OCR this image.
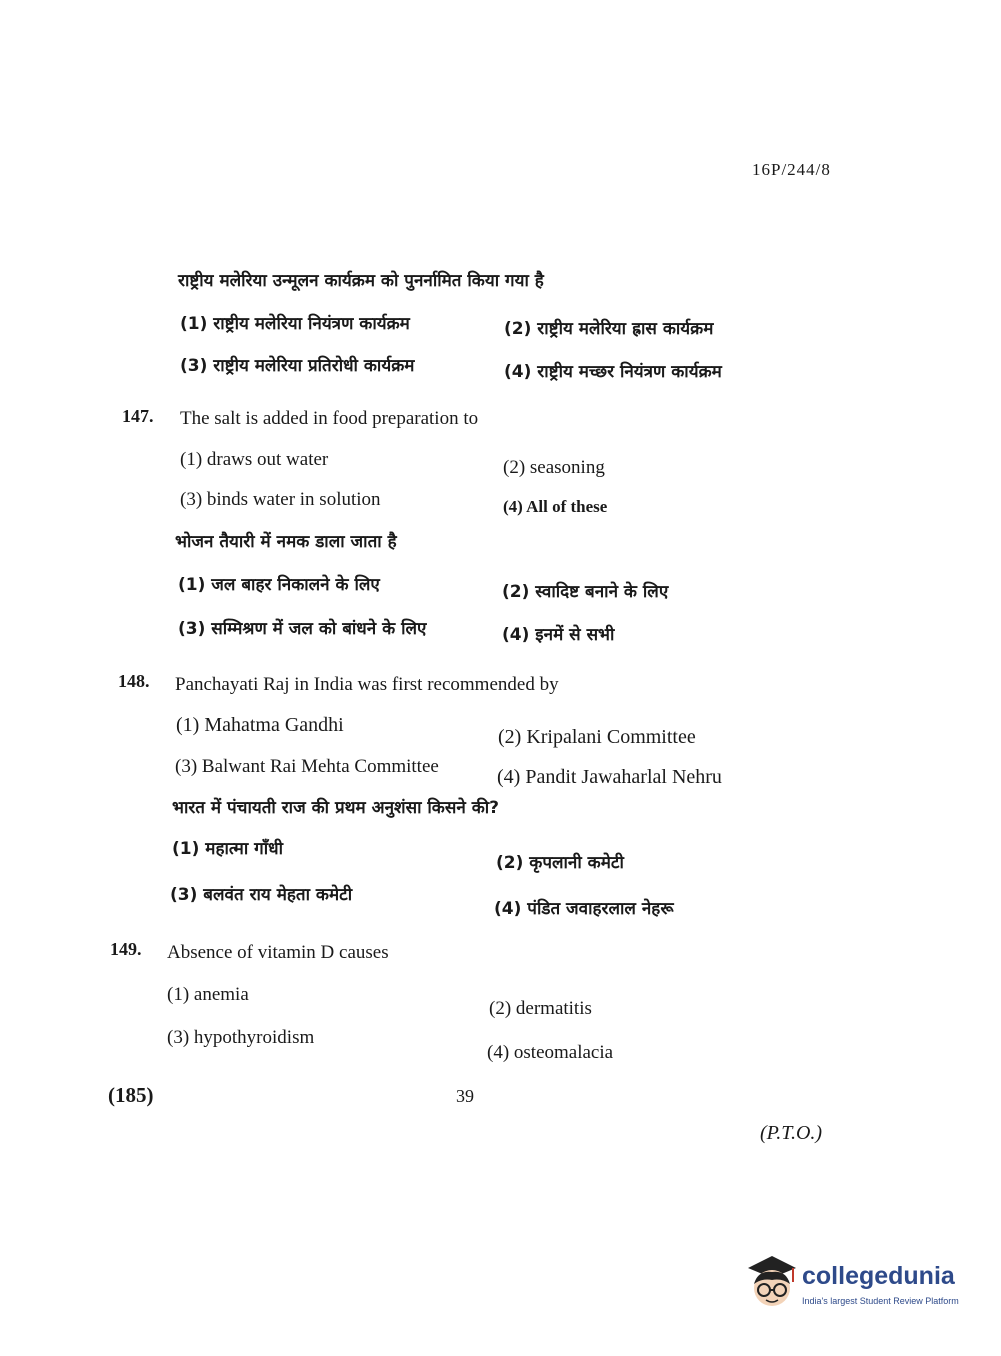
16P/244/8
राष्ट्रीय मलेरिया उन्मूलन कार्यक्रम को पुनर्नामित किया गया है
(1) राष्ट्रीय मलेरिया नियंत्रण कार्यक्रम	(2) राष्ट्रीय मलेरिया ह्रास कार्यक्रम
(3) राष्ट्रीय मलेरिया प्रतिरोधी कार्यक्रम	(4) राष्ट्रीय मच्छर नियंत्रण कार्यक्रम
147. The salt is added in food preparation to
(1) draws out water	(2) seasoning
(3) binds water in solution	(4) All of these
भोजन तैयारी में नमक डाला जाता है
(1) जल बाहर निकालने के लिए	(2) स्वादिष्ट बनाने के लिए
(3) सम्मिश्रण में जल को बांधने के लिए	(4) इनमें से सभी
148. Panchayati Raj in India was first recommended by
(1) Mahatma Gandhi
(2) Kripalani Committee
(3) Balwant Rai Mehta Committee	(4) Pandit Jawaharlal Nehru
भारत में पंचायती राज की प्रथम अनुशंसा किसने की?
(1) महात्मा गाँधी
(2) कृपलानी कमेटी
(3) बलवंत राय मेहता कमेटी
(4) पंडित जवाहरलाल नेहरू
149. Absence of vitamin D causes
(1) anemia
(2) dermatitis
(3) hypothyroidism
(4) osteomalacia
(185)	39
(P.T.O.)
collegedunia
India's largest Student Review Platform
